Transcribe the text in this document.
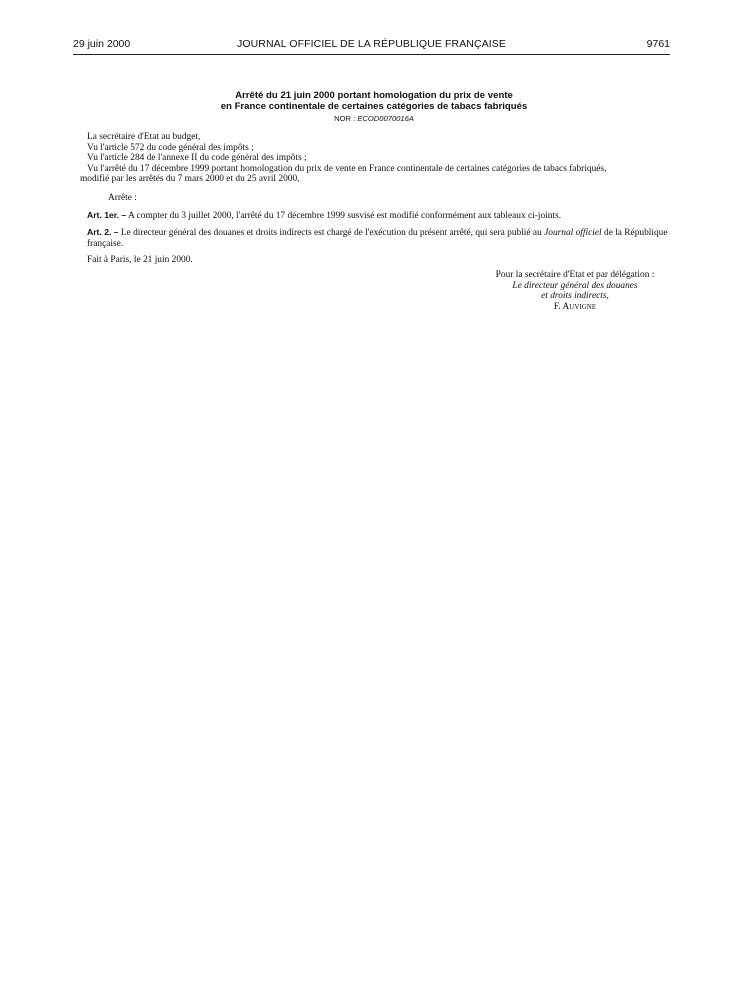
29 juin 2000	JOURNAL OFFICIEL DE LA RÉPUBLIQUE FRANÇAISE	9761
Arrêté du 21 juin 2000 portant homologation du prix de vente
en France continentale de certaines catégories de tabacs fabriqués
NOR : ECOD0070016A

La secrétaire d'Etat au budget,

Vu l'article 572 du code général des impôts ;

Vu l'article 284 de l'annexe II du code général des impôts ;

Vu l'arrêté du 17 décembre 1999 portant homologation du prix de vente en France continentale de certaines catégories de tabacs fabriqués,

modifié par les arrêtés du 7 mars 2000 et du 25 avril 2000,

Arrête :

Art. 1er. – A compter du 3 juillet 2000, l'arrêté du 17 décembre 1999 susvisé est modifié conformément aux tableaux ci-joints.

Art. 2. – Le directeur général des douanes et droits indirects est chargé de l'exécution du présent arrêté, qui sera publié au Journal officiel de la République française.

Fait à Paris, le 21 juin 2000.

Pour la secrétaire d'Etat et par délégation :

Le directeur général des douanes

et droits indirects,

F. Auvigne
